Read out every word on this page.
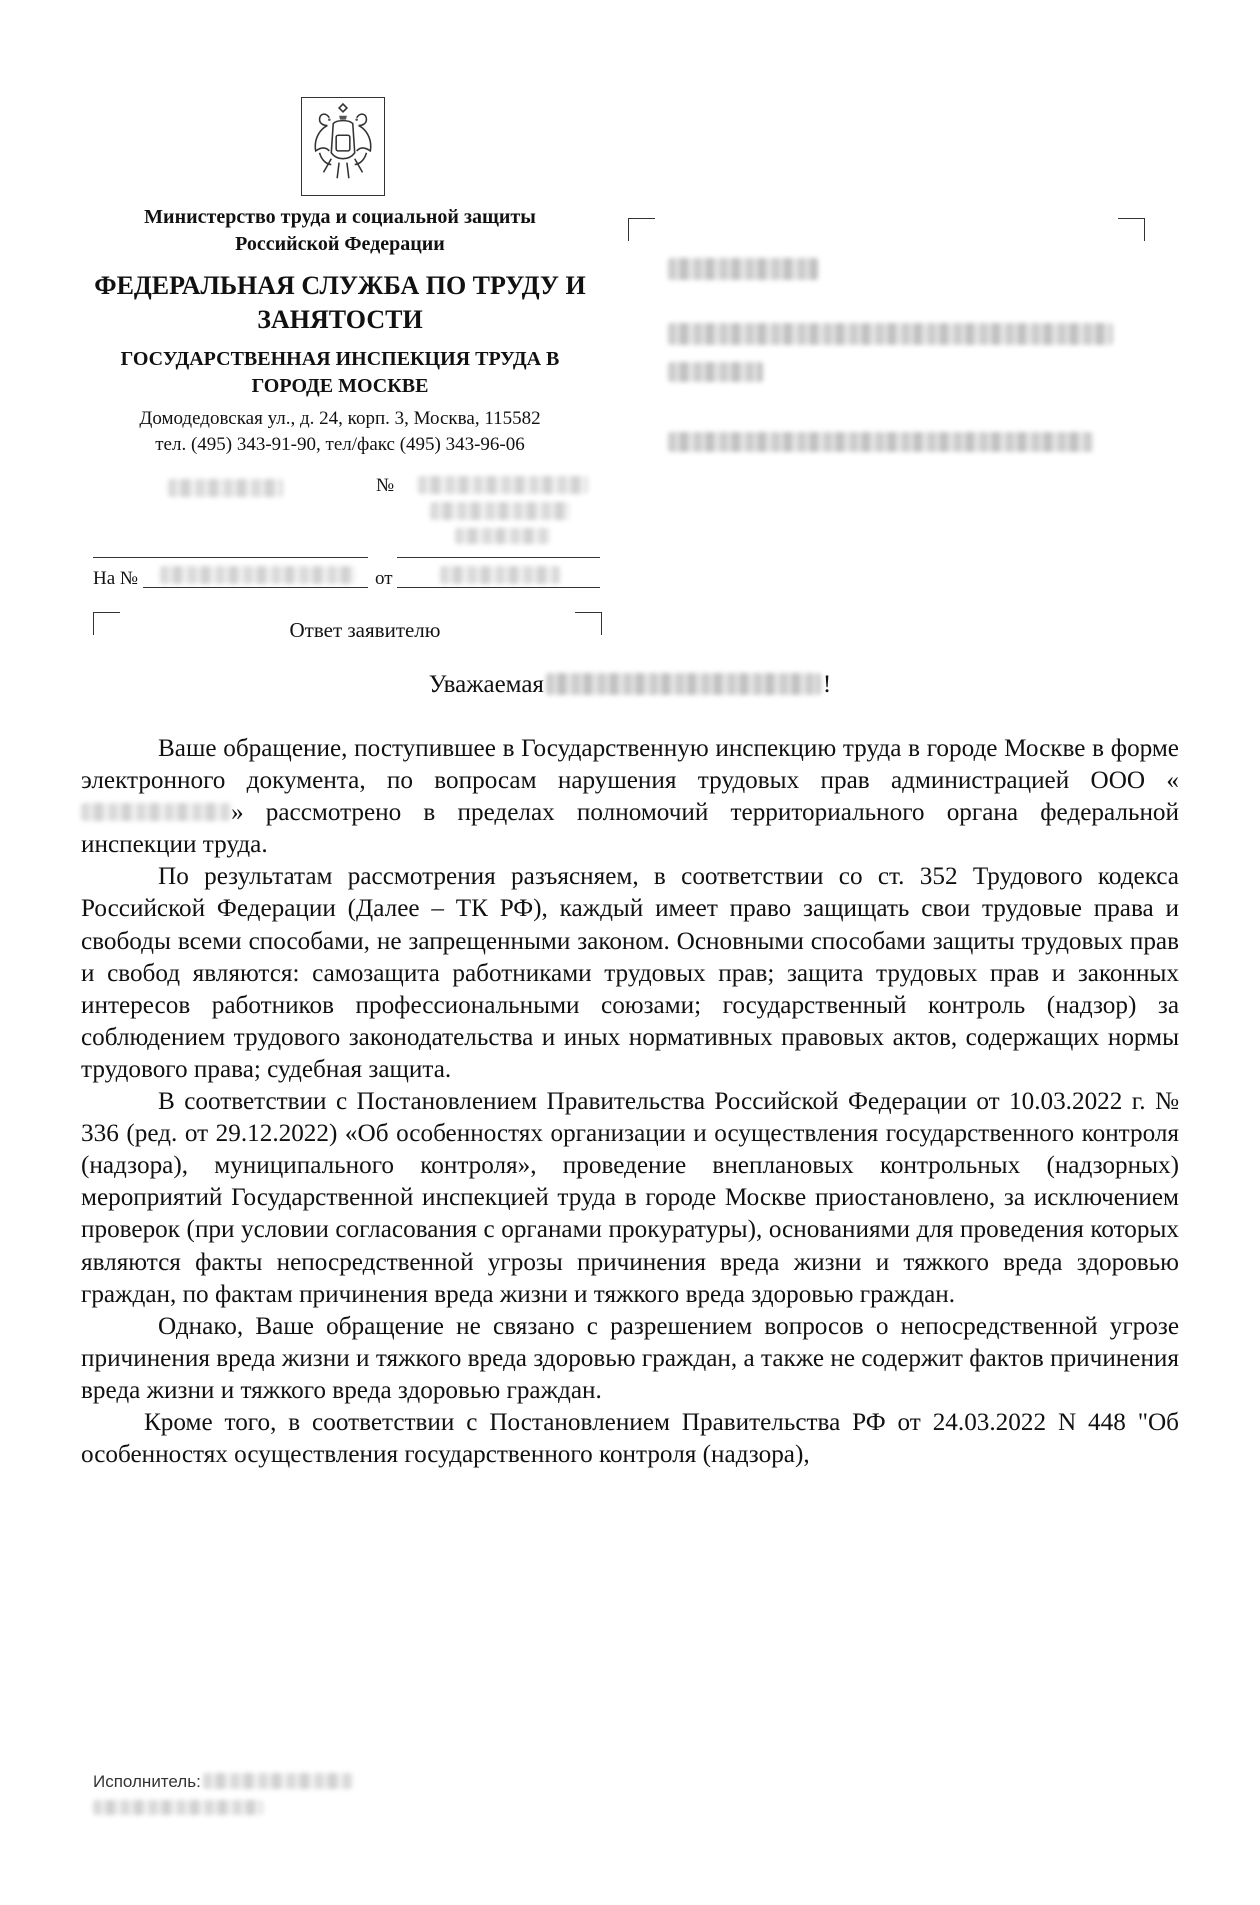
Министерство труда и социальной защиты Российской Федерации
ФЕДЕРАЛЬНАЯ СЛУЖБА ПО ТРУДУ И ЗАНЯТОСТИ
ГОСУДАРСТВЕННАЯ ИНСПЕКЦИЯ ТРУДА В ГОРОДЕ МОСКВЕ
Домодедовская ул., д. 24, корп. 3, Москва, 115582
тел. (495) 343-91-90, тел/факс (495) 343-96-06
№
На №	от
Ответ заявителю
Уважаемая	!

Ваше обращение, поступившее в Государственную инспекцию труда в городе Москве в форме электронного документа, по вопросам нарушения трудовых прав администрацией ООО «» рассмотрено в пределах полномочий территориального органа федеральной инспекции труда.

По результатам рассмотрения разъясняем, в соответствии со ст. 352 Трудового кодекса Российской Федерации (Далее – ТК РФ), каждый имеет право защищать свои трудовые права и свободы всеми способами, не запрещенными законом. Основными способами защиты трудовых прав и свобод являются: самозащита работниками трудовых прав; защита трудовых прав и законных интересов работников профессиональными союзами; государственный контроль (надзор) за соблюдением трудового законодательства и иных нормативных правовых актов, содержащих нормы трудового права; судебная защита.

В соответствии с Постановлением Правительства Российской Федерации от 10.03.2022 г. № 336 (ред. от 29.12.2022) «Об особенностях организации и осуществления государственного контроля (надзора), муниципального контроля», проведение внеплановых контрольных (надзорных) мероприятий Государственной инспекцией труда в городе Москве приостановлено, за исключением проверок (при условии согласования с органами прокуратуры), основаниями для проведения которых являются факты непосредственной угрозы причинения вреда жизни и тяжкого вреда здоровью граждан, по фактам причинения вреда жизни и тяжкого вреда здоровью граждан.

Однако, Ваше обращение не связано с разрешением вопросов о непосредственной угрозе причинения вреда жизни и тяжкого вреда здоровью граждан, а также не содержит фактов причинения вреда жизни и тяжкого вреда здоровью граждан.

Кроме того, в соответствии с Постановлением Правительства РФ от 24.03.2022 N 448 "Об особенностях осуществления государственного контроля (надзора),

Исполнитель:
